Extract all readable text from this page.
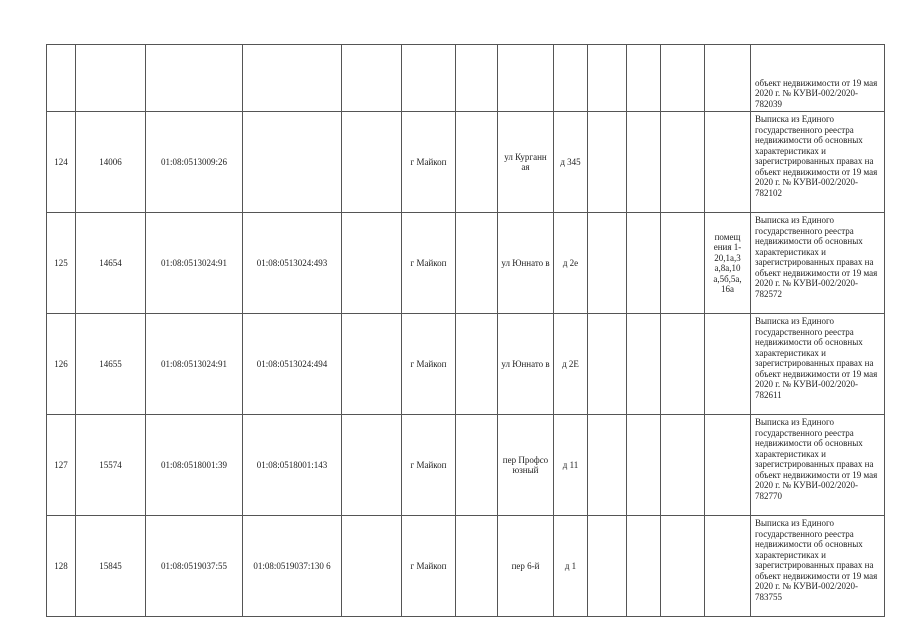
													объект недвижимости от 19 мая 2020 г. № КУВИ-002/2020-782039
124	14006	01:08:0513009:26			г Майкоп		ул Курганн ая	д 345					Выписка из Единого государственного реестра недвижимости об основных характеристиках и зарегистрированных правах на объект недвижимости от 19 мая 2020 г. № КУВИ-002/2020-782102
125	14654	01:08:0513024:91	01:08:0513024:493		г Майкоп		ул Юннато в	д 2е				помещ ения 1-20,1а,3 а,8а,10 а,5б,5а, 16а	Выписка из Единого государственного реестра недвижимости об основных характеристиках и зарегистрированных правах на объект недвижимости от 19 мая 2020 г. № КУВИ-002/2020-782572
126	14655	01:08:0513024:91	01:08:0513024:494		г Майкоп		ул Юннато в	д 2Е					Выписка из Единого государственного реестра недвижимости об основных характеристиках и зарегистрированных правах на объект недвижимости от 19 мая 2020 г. № КУВИ-002/2020-782611
127	15574	01:08:0518001:39	01:08:0518001:143		г Майкоп		пер Профсо юзный	д 11					Выписка из Единого государственного реестра недвижимости об основных характеристиках и зарегистрированных правах на объект недвижимости от 19 мая 2020 г. № КУВИ-002/2020-782770
128	15845	01:08:0519037:55	01:08:0519037:130 6		г Майкоп		пер 6-й	д 1					Выписка из Единого государственного реестра недвижимости об основных характеристиках и зарегистрированных правах на объект недвижимости от 19 мая 2020 г. № КУВИ-002/2020-783755
